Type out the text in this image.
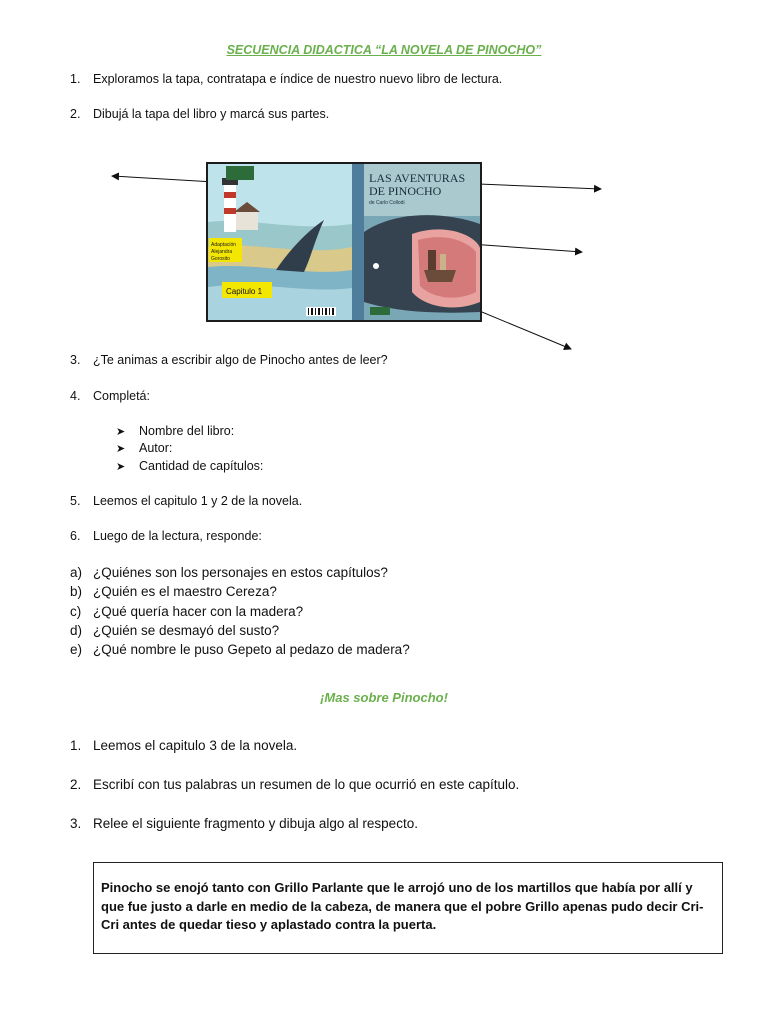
SECUENCIA DIDACTICA “LA NOVELA DE PINOCHO”
1. Exploramos la tapa, contratapa e índice de nuestro nuevo libro de lectura.
2. Dibujá la tapa del libro y marcá sus partes.
Adaptación
Alejandra
Gorosito
Capitulo 1
LAS AVENTURAS
DE PINOCHO
de Carlo Collodi
3. ¿Te animas a escribir algo de Pinocho antes de leer?
4. Completá:
➤ Nombre del libro:
➤ Autor:
➤ Cantidad de capítulos:
5. Leemos el capitulo 1 y 2 de la novela.
6. Luego de la lectura, responde:
a) ¿Quiénes son los personajes en estos capítulos?
b) ¿Quién es el maestro Cereza?
c) ¿Qué quería hacer con la madera?
d) ¿Quién se desmayó del susto?
e) ¿Qué nombre le puso Gepeto al pedazo de madera?
¡Mas sobre Pinocho!
1. Leemos el capitulo 3 de la novela.
2. Escribí con tus palabras un resumen de lo que ocurrió en este capítulo.
3. Relee el siguiente fragmento y dibuja algo al respecto.
Pinocho se enojó tanto con Grillo Parlante que le arrojó uno de los martillos que había por allí y que fue justo a darle en medio de la cabeza, de manera que el pobre Grillo apenas pudo decir Cri-Cri antes de quedar tieso y aplastado contra la puerta.
